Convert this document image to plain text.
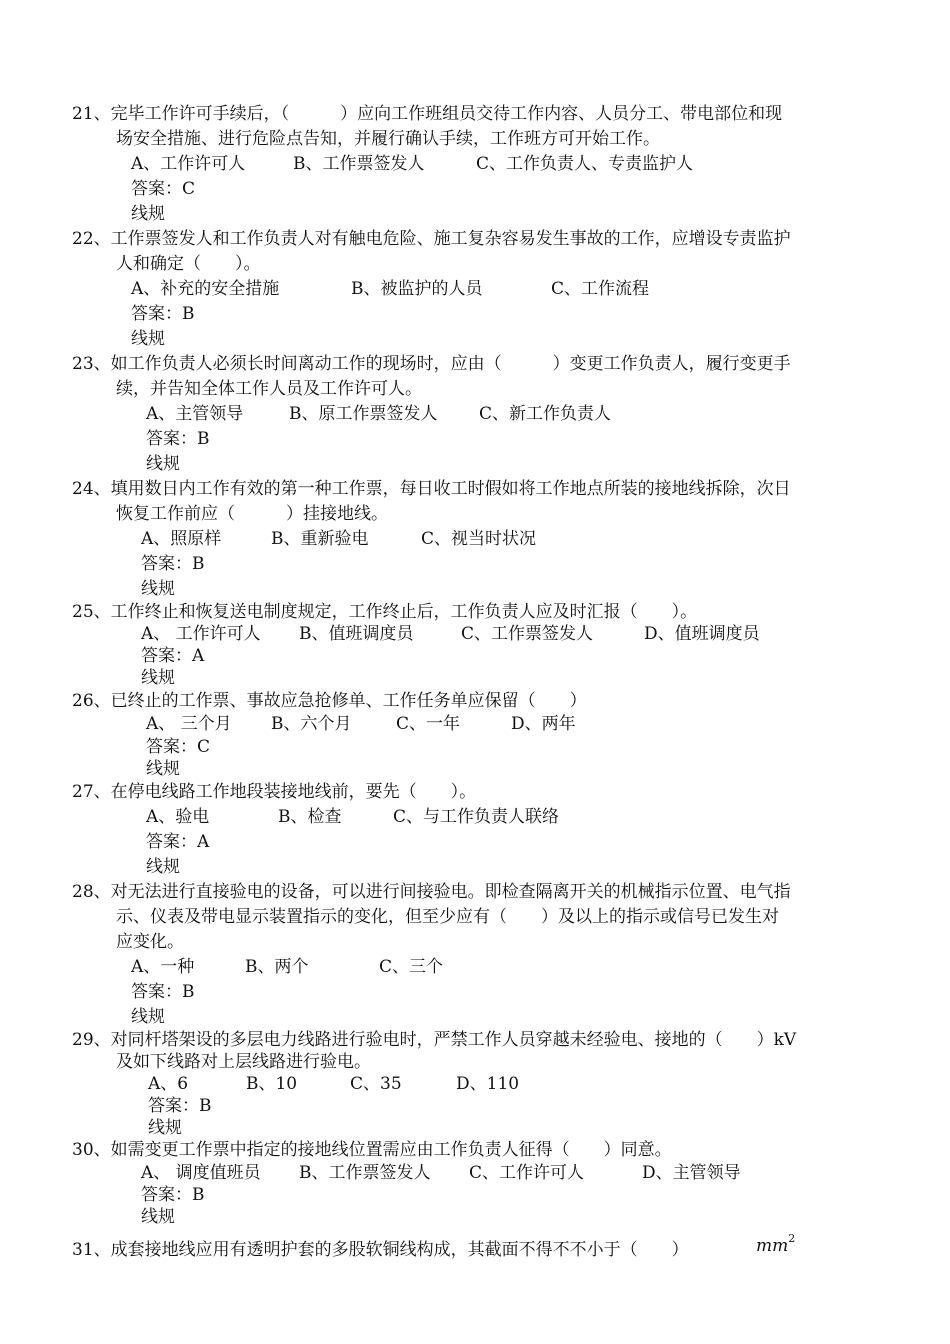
21、完毕工作许可手续后，（　　　）应向工作班组员交待工作内容、人员分工、带电部位和现
场安全措施、进行危险点告知，并履行确认手续，工作班方可开始工作。
A、工作许可人	B、工作票签发人	C、工作负责人、专责监护人
答案：C
线规
22、工作票签发人和工作负责人对有触电危险、施工复杂容易发生事故的工作，应增设专责监护
人和确定（　　）。
A、补充的安全措施	B、被监护的人员	C、工作流程
答案：B
线规
23、如工作负责人必须长时间离动工作的现场时，应由（　　　）变更工作负责人，履行变更手
续，并告知全体工作人员及工作许可人。
A、主管领导	B、原工作票签发人 C、新工作负责人
答案：B
线规
24、填用数日内工作有效的第一种工作票，每日收工时假如将工作地点所装的接地线拆除，次日
恢复工作前应（　　　）挂接地线。
A、照原样	B、重新验电	C、视当时状况
答案：B
线规
25、工作终止和恢复送电制度规定，工作终止后，工作负责人应及时汇报（　　）。
A、 工作许可人 B、值班调度员	C、工作票签发人	D、值班调度员
答案：A
线规
26、已终止的工作票、事故应急抢修单、工作任务单应保留（　　）
A、 三个月 B、六个月	C、一年	D、两年
答案：C
线规
27、在停电线路工作地段装接地线前，要先（　　）。
A、验电	B、检查	C、与工作负责人联络
答案：A
线规
28、对无法进行直接验电的设备，可以进行间接验电。即检查隔离开关的机械指示位置、电气指
示、仪表及带电显示装置指示的变化，但至少应有（　　）及以上的指示或信号已发生对
应变化。
A、一种	B、两个	C、三个
答案：B
线规
29、对同杆塔架设的多层电力线路进行验电时，严禁工作人员穿越未经验电、接地的（　　）kV
及如下线路对上层线路进行验电。
A、6	B、10	C、35	D、110
答案：B
线规
30、如需变更工作票中指定的接地线位置需应由工作负责人征得（　　）同意。
A、 调度值班员 B、工作票签发人 C、工作许可人	D、主管领导
答案：B
线规
31、成套接地线应用有透明护套的多股软铜线构成，其截面不得不不小于（　　）	$mm^2$
